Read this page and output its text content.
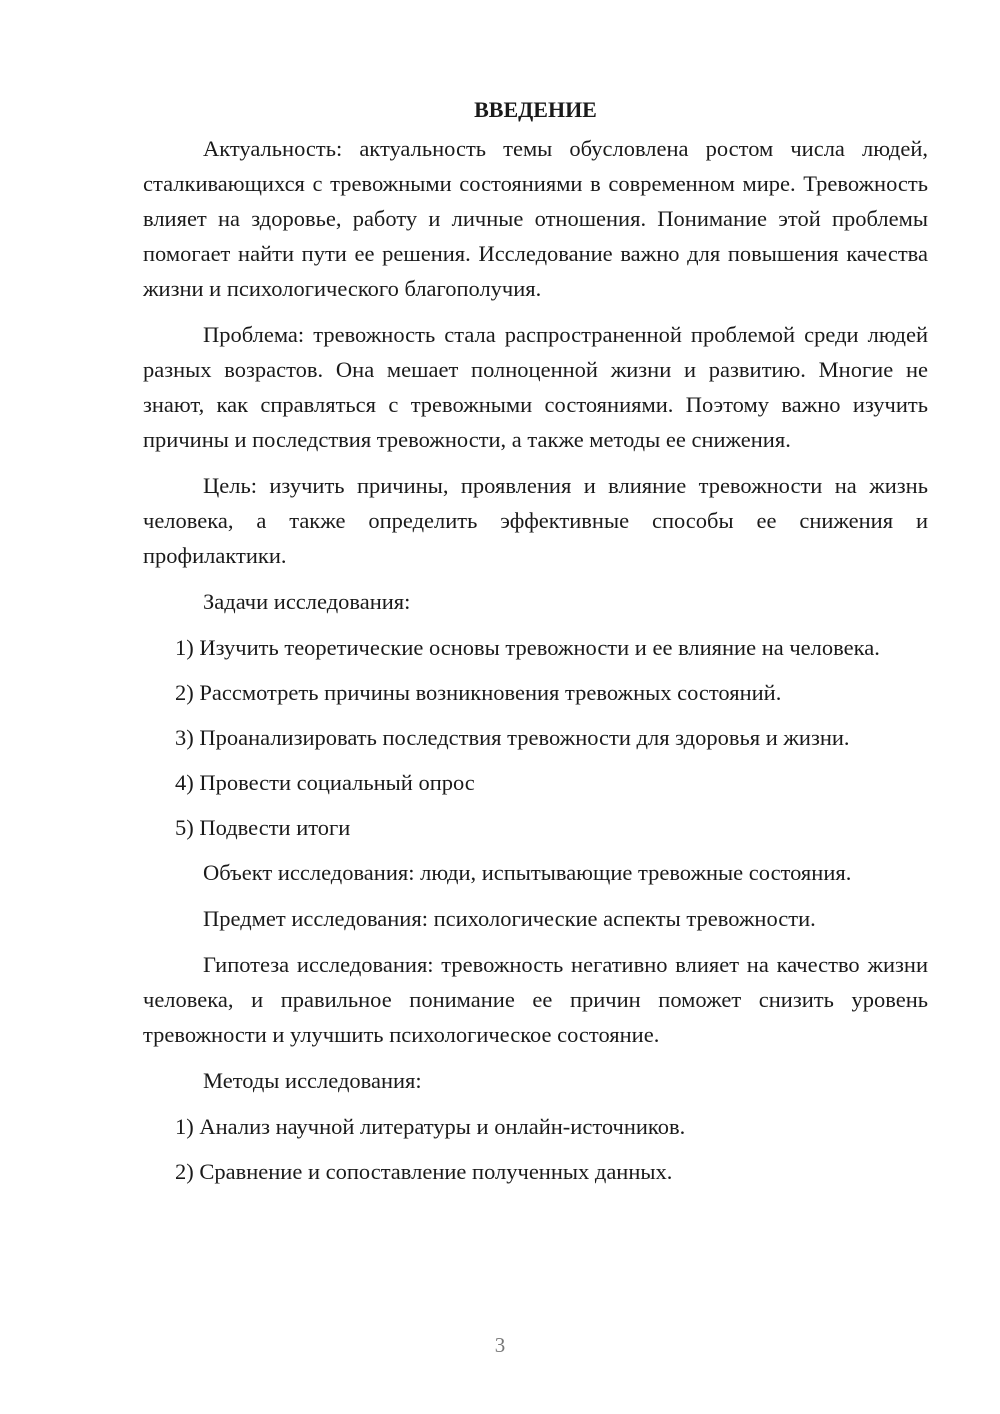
ВВЕДЕНИЕ

Актуальность: актуальность темы обусловлена ростом числа людей, сталкивающихся с тревожными состояниями в современном мире. Тревожность влияет на здоровье, работу и личные отношения. Понимание этой проблемы помогает найти пути ее решения. Исследование важно для повышения качества жизни и психологического благополучия.

Проблема: тревожность стала распространенной проблемой среди людей разных возрастов. Она мешает полноценной жизни и развитию. Многие не знают, как справляться с тревожными состояниями. Поэтому важно изучить причины и последствия тревожности, а также методы ее снижения.

Цель: изучить причины, проявления и влияние тревожности на жизнь человека, а также определить эффективные способы ее снижения и профилактики.

Задачи исследования:

1) Изучить теоретические основы тревожности и ее влияние на человека.

2) Рассмотреть причины возникновения тревожных состояний.

3) Проанализировать последствия тревожности для здоровья и жизни.

4) Провести социальный опрос

5) Подвести итоги

Объект исследования: люди, испытывающие тревожные состояния.

Предмет исследования: психологические аспекты тревожности.

Гипотеза исследования: тревожность негативно влияет на качество жизни человека, и правильное понимание ее причин поможет снизить уровень тревожности и улучшить психологическое состояние.

Методы исследования:

1) Анализ научной литературы и онлайн-источников.

2) Сравнение и сопоставление полученных данных.

3
